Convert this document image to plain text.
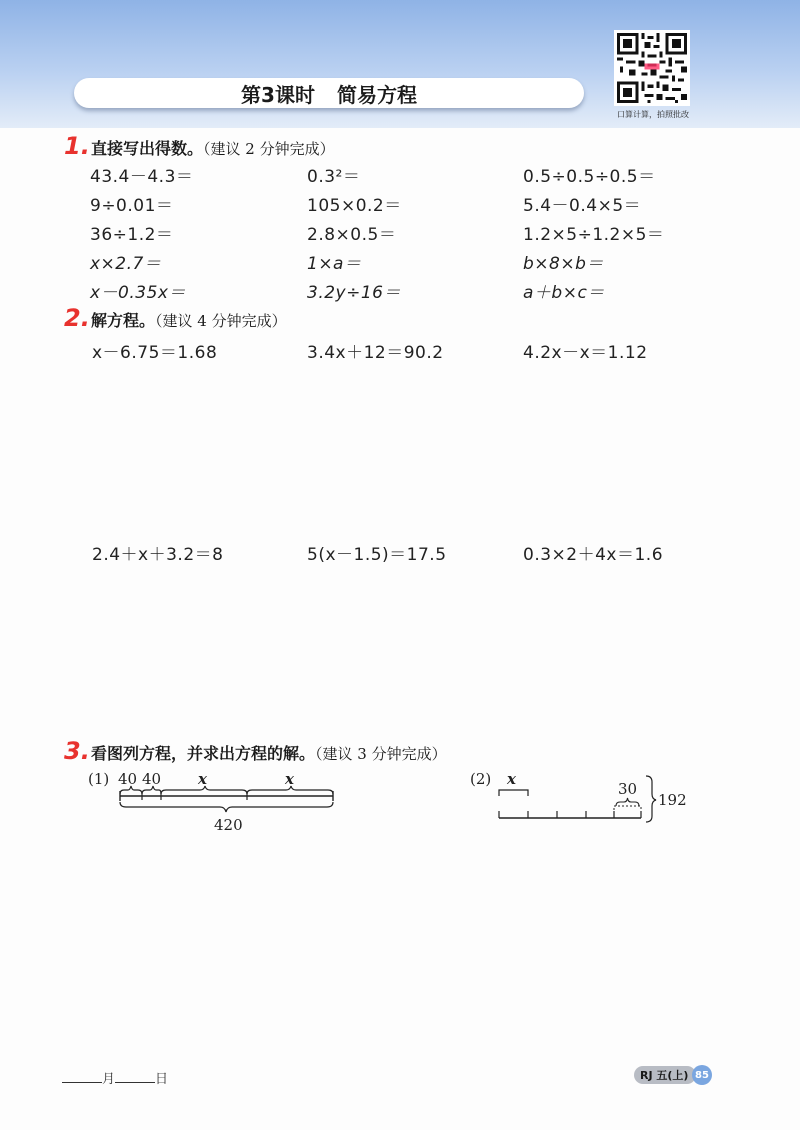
第3课时 简易方程
口算计算，拍照批改
1. 直接写出得数。（建议 2 分钟完成）
43.4－4.3＝	0.3²＝	0.5÷0.5÷0.5＝
9÷0.01＝	105×0.2＝	5.4－0.4×5＝
36÷1.2＝	2.8×0.5＝	1.2×5÷1.2×5＝
x×2.7＝	1×a＝	b×8×b＝
x－0.35x＝	3.2y÷16＝	a＋b×c＝
2. 解方程。（建议 4 分钟完成）
x－6.75＝1.68	3.4x＋12＝90.2	4.2x－x＝1.12
2.4＋x＋3.2＝8	5(x－1.5)＝17.5	0.3×2＋4x＝1.6
3. 看图列方程，并求出方程的解。（建议 3 分钟完成）
(1) 40 40 x	x
420
(2) x
30
192
月	日	RJ 五(上) 85
